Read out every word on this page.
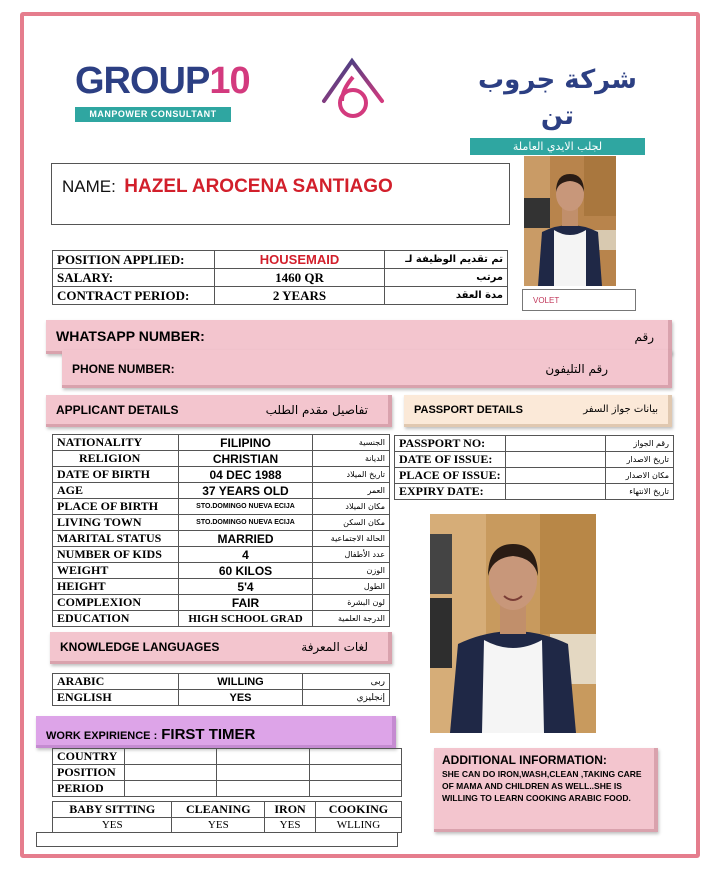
GROUP10
MANPOWER CONSULTANT
شركة جروب تن
لجلب الايدي العاملة
NAME: HAZEL AROCENA SANTIAGO
VOLET
POSITION APPLIED:	HOUSEMAID	تم تقديم الوظيفة لـ
SALARY:	1460 QR	مرتب
CONTRACT PERIOD:	2 YEARS	مدة العقد
WHATSAPP NUMBER:	رقم
PHONE NUMBER:	رقم التليفون
APPLICANT DETAILS	تفاصيل مقدم الطلب	PASSPORT DETAILS	بيانات جواز السفر
NATIONALITY	FILIPINO	الجنسية
RELIGION	CHRISTIAN	الديانة
DATE OF BIRTH	04 DEC 1988	تاريخ الميلاد
AGE	37 YEARS OLD	العمر
PLACE OF BIRTH	STO.DOMINGO NUEVA ECIJA	مكان الميلاد
LIVING TOWN	STO.DOMINGO NUEVA ECIJA	مكان السكن
MARITAL STATUS	MARRIED	الحالة الاجتماعية
NUMBER OF KIDS	4	عدد الأطفال
WEIGHT	60 KILOS	الوزن
HEIGHT	5'4	الطول
COMPLEXION	FAIR	لون البشرة
EDUCATION	HIGH SCHOOL GRAD	الدرجة العلمية
PASSPORT NO:		رقم الجواز
DATE OF ISSUE:		تاريخ الاصدار
PLACE OF ISSUE:		مكان الاصدار
EXPIRY DATE:		تاريخ الانتهاء
KNOWLEDGE LANGUAGES	لغات المعرفة
ARABIC	WILLING	ربى
ENGLISH	YES	إنجليزي
WORK EXPIRIENCE : FIRST TIMER
COUNTRY			
POSITION			
PERIOD			
BABY SITTING	CLEANING	IRON	COOKING
YES	YES	YES	WLLING
ADDITIONAL INFORMATION:
SHE CAN DO IRON,WASH,CLEAN ,TAKING CARE OF MAMA AND CHILDREN AS WELL..SHE IS WILLING TO LEARN COOKING ARABIC FOOD.
